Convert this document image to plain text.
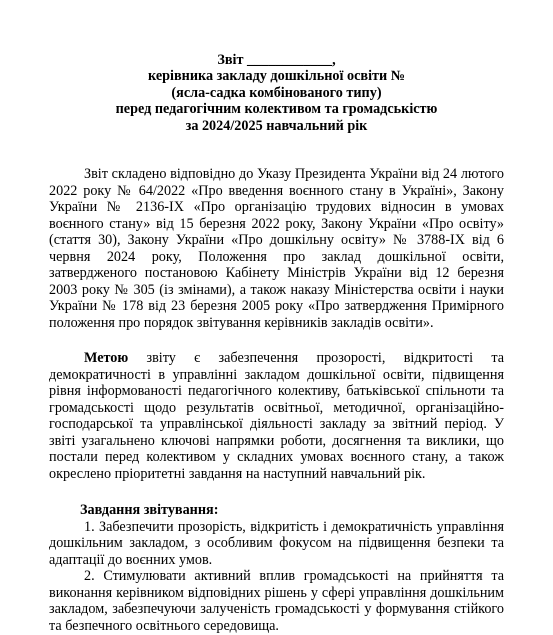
Звіт ____________,
керівника закладу дошкільної освіти №
(ясла-садка комбінованого типу)
перед педагогічним колективом та громадськістю
за 2024/2025 навчальний рік

Звіт складено відповідно до Указу Президента України від 24 лютого 2022 року № 64/2022 «Про введення воєнного стану в Україні», Закону України № 2136-IX «Про організацію трудових відносин в умовах воєнного стану» від 15 березня 2022 року, Закону України «Про освіту» (стаття 30), Закону України «Про дошкільну освіту» № 3788-IX від 6 червня 2024 року, Положення про заклад дошкільної освіти, затвердженого постановою Кабінету Міністрів України від 12 березня 2003 року № 305 (із змінами), а також наказу Міністерства освіти і науки України № 178 від 23 березня 2005 року «Про затвердження Примірного положення про порядок звітування керівників закладів освіти».

Метою звіту є забезпечення прозорості, відкритості та демократичності в управлінні закладом дошкільної освіти, підвищення рівня інформованості педагогічного колективу, батьківської спільноти та громадськості щодо результатів освітньої, методичної, організаційно-господарської та управлінської діяльності закладу за звітний період. У звіті узагальнено ключові напрямки роботи, досягнення та виклики, що постали перед колективом у складних умовах воєнного стану, а також окреслено пріоритетні завдання на наступний навчальний рік.

Завдання звітування:

1. Забезпечити прозорість, відкритість і демократичність управління дошкільним закладом, з особливим фокусом на підвищення безпеки та адаптації до воєнних умов.

2. Стимулювати активний вплив громадськості на прийняття та виконання керівником відповідних рішень у сфері управління дошкільним закладом, забезпечуючи залученість громадськості у формування стійкого та безпечного освітнього середовища.
